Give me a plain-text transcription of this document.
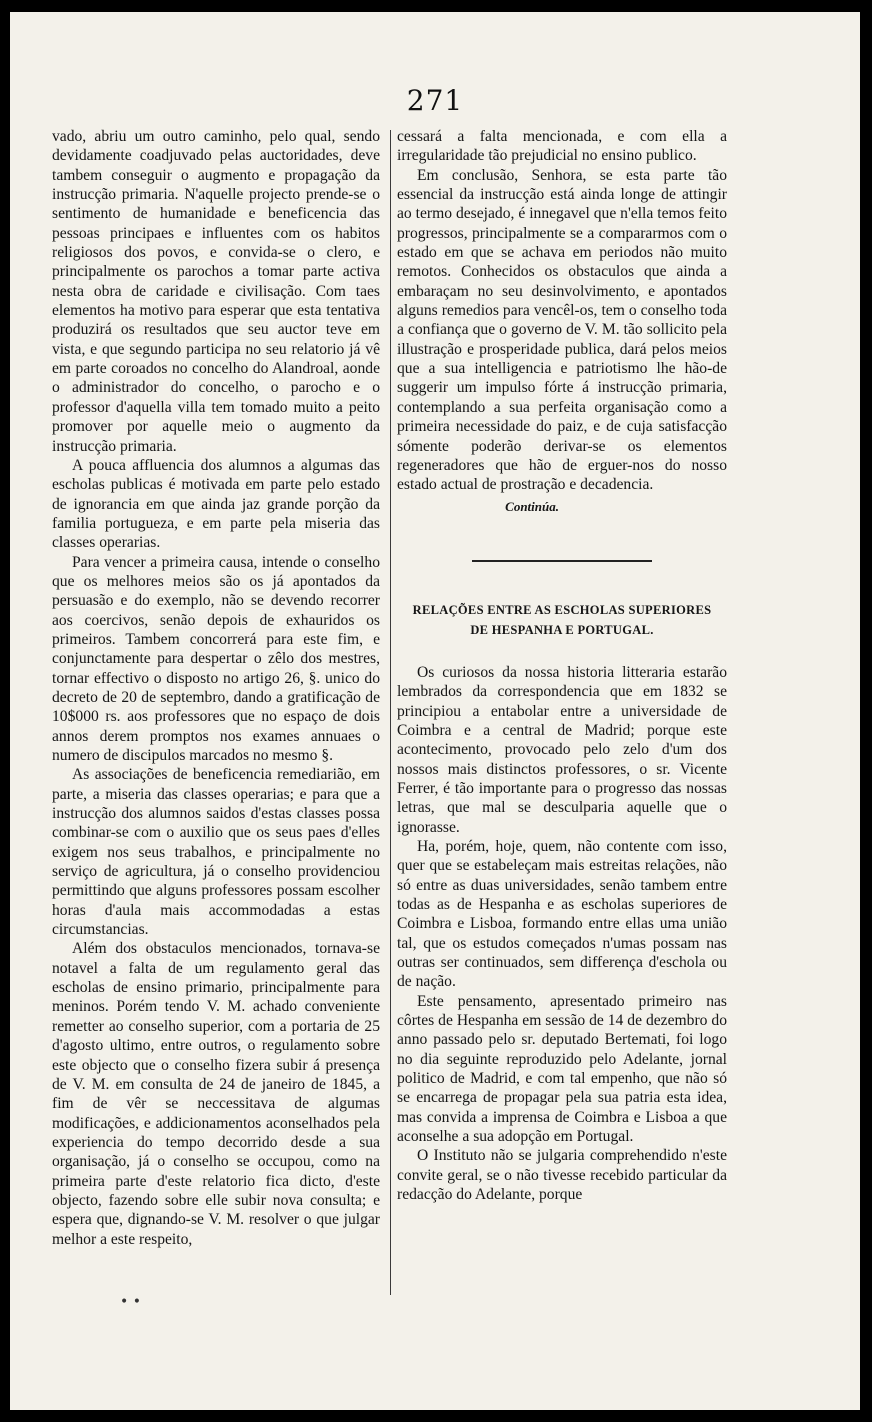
271

vado, abriu um outro caminho, pelo qual, sendo devidamente coadjuvado pelas auctoridades, deve tambem conseguir o augmento e propagação da instrucção primaria. N'aquelle projecto prende-se o sentimento de humanidade e beneficencia das pessoas principaes e influentes com os habitos religiosos dos povos, e convida-se o clero, e principalmente os parochos a tomar parte activa nesta obra de caridade e civilisação. Com taes elementos ha motivo para esperar que esta tentativa produzirá os resultados que seu auctor teve em vista, e que segundo participa no seu relatorio já vê em parte coroados no concelho do Alandroal, aonde o administrador do concelho, o parocho e o professor d'aquella villa tem tomado muito a peito promover por aquelle meio o augmento da instrucção primaria.

A pouca affluencia dos alumnos a algumas das escholas publicas é motivada em parte pelo estado de ignorancia em que ainda jaz grande porção da familia portugueza, e em parte pela miseria das classes operarias.

Para vencer a primeira causa, intende o conselho que os melhores meios são os já apontados da persuasão e do exemplo, não se devendo recorrer aos coercivos, senão depois de exhauridos os primeiros. Tambem concorrerá para este fim, e conjunctamente para despertar o zêlo dos mestres, tornar effectivo o disposto no artigo 26, §. unico do decreto de 20 de septembro, dando a gratificação de 10$000 rs. aos professores que no espaço de dois annos derem promptos nos exames annuaes o numero de discipulos marcados no mesmo §.

As associações de beneficencia remediarião, em parte, a miseria das classes operarias; e para que a instrucção dos alumnos saidos d'estas classes possa combinar-se com o auxilio que os seus paes d'elles exigem nos seus trabalhos, e principalmente no serviço de agricultura, já o conselho providenciou permittindo que alguns professores possam escolher horas d'aula mais accommodadas a estas circumstancias.

Além dos obstaculos mencionados, tornava-se notavel a falta de um regulamento geral das escholas de ensino primario, principalmente para meninos. Porém tendo V. M. achado conveniente remetter ao conselho superior, com a portaria de 25 d'agosto ultimo, entre outros, o regulamento sobre este objecto que o conselho fizera subir á presença de V. M. em consulta de 24 de janeiro de 1845, a fim de vêr se neccessitava de algumas modificações, e addicionamentos aconselhados pela experiencia do tempo decorrido desde a sua organisação, já o conselho se occupou, como na primeira parte d'este relatorio fica dicto, d'este objecto, fazendo sobre elle subir nova consulta; e espera que, dignando-se V. M. resolver o que julgar melhor a este respeito,

cessará a falta mencionada, e com ella a irregularidade tão prejudicial no ensino publico.

Em conclusão, Senhora, se esta parte tão essencial da instrucção está ainda longe de attingir ao termo desejado, é innegavel que n'ella temos feito progressos, principalmente se a compararmos com o estado em que se achava em periodos não muito remotos. Conhecidos os obstaculos que ainda a embaraçam no seu desinvolvimento, e apontados alguns remedios para vencêl-os, tem o conselho toda a confiança que o governo de V. M. tão sollicito pela illustração e prosperidade publica, dará pelos meios que a sua intelligencia e patriotismo lhe hão-de suggerir um impulso fórte á instrucção primaria, contemplando a sua perfeita organisação como a primeira necessidade do paiz, e de cuja satisfacção sómente poderão derivar-se os elementos regeneradores que hão de erguer-nos do nosso estado actual de prostração e decadencia.

Continúa.
RELAÇÕES ENTRE AS ESCHOLAS SUPERIORES
DE HESPANHA E PORTUGAL.

Os curiosos da nossa historia litteraria estarão lembrados da correspondencia que em 1832 se principiou a entabolar entre a universidade de Coimbra e a central de Madrid; porque este acontecimento, provocado pelo zelo d'um dos nossos mais distinctos professores, o sr. Vicente Ferrer, é tão importante para o progresso das nossas letras, que mal se desculparia aquelle que o ignorasse.

Ha, porém, hoje, quem, não contente com isso, quer que se estabeleçam mais estreitas relações, não só entre as duas universidades, senão tambem entre todas as de Hespanha e as escholas superiores de Coimbra e Lisboa, formando entre ellas uma união tal, que os estudos começados n'umas possam nas outras ser continuados, sem differença d'eschola ou de nação.

Este pensamento, apresentado primeiro nas côrtes de Hespanha em sessão de 14 de dezembro do anno passado pelo sr. deputado Bertemati, foi logo no dia seguinte reproduzido pelo Adelante, jornal politico de Madrid, e com tal empenho, que não só se encarrega de propagar pela sua patria esta idea, mas convida a imprensa de Coimbra e Lisboa a que aconselhe a sua adopção em Portugal.

O Instituto não se julgaria comprehendido n'este convite geral, se o não tivesse recebido particular da redacção do Adelante, porque

• •
